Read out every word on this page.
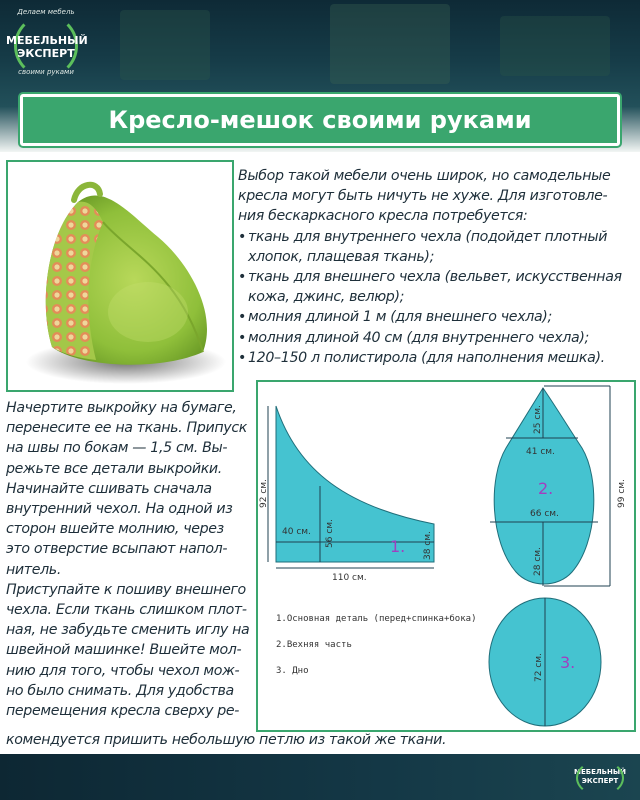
Делаем мебель
МЕБЕЛЬНЫЙ
ЭКСПЕРТ
своими руками
Кресло-мешок своими руками
Выбор такой мебели очень широк, но самодельные
кресла могут быть ничуть не хуже. Для изготовле-
ния бескаркасного кресла потребуется:
• ткань для внутреннего чехла (подойдет плотный
хлопок, плащевая ткань);
• ткань для внешнего чехла (вельвет, искусственная
кожа, джинс, велюр);
• молния длиной 1 м (для внешнего чехла);
• молния длиной 40 см (для внутреннего чехла);
• 120–150 л полистирола (для наполнения мешка).
Начертите выкройку на бумаге,
перенесите ее на ткань. Припуск
на швы по бокам — 1,5 см. Вы-
режьте все детали выкройки.
Начинайте сшивать сначала
внутренний чехол. На одной из
сторон вшейте молнию, через
это отверстие всыпают напол-
нитель.
Приступайте к пошиву внешнего
чехла. Если ткань слишком плот-
ная, не забудьте сменить иглу на
швейной машинке! Вшейте мол-
нию для того, чтобы чехол мож-
но было снимать. Для удобства
перемещения кресла сверху ре-
92 см.
40 см. 56 см.	38 см.
110 см.
1.
25 см.
41 см.
66 см.
28 см.
99 см.
2.
72 см. 3.
1.Основная деталь (перед+спинка+бока)
2.Вехняя часть
3. Дно
комендуется пришить небольшую петлю из такой же ткани.
МЕБЕЛЬНЫЙ
ЭКСПЕРТ
